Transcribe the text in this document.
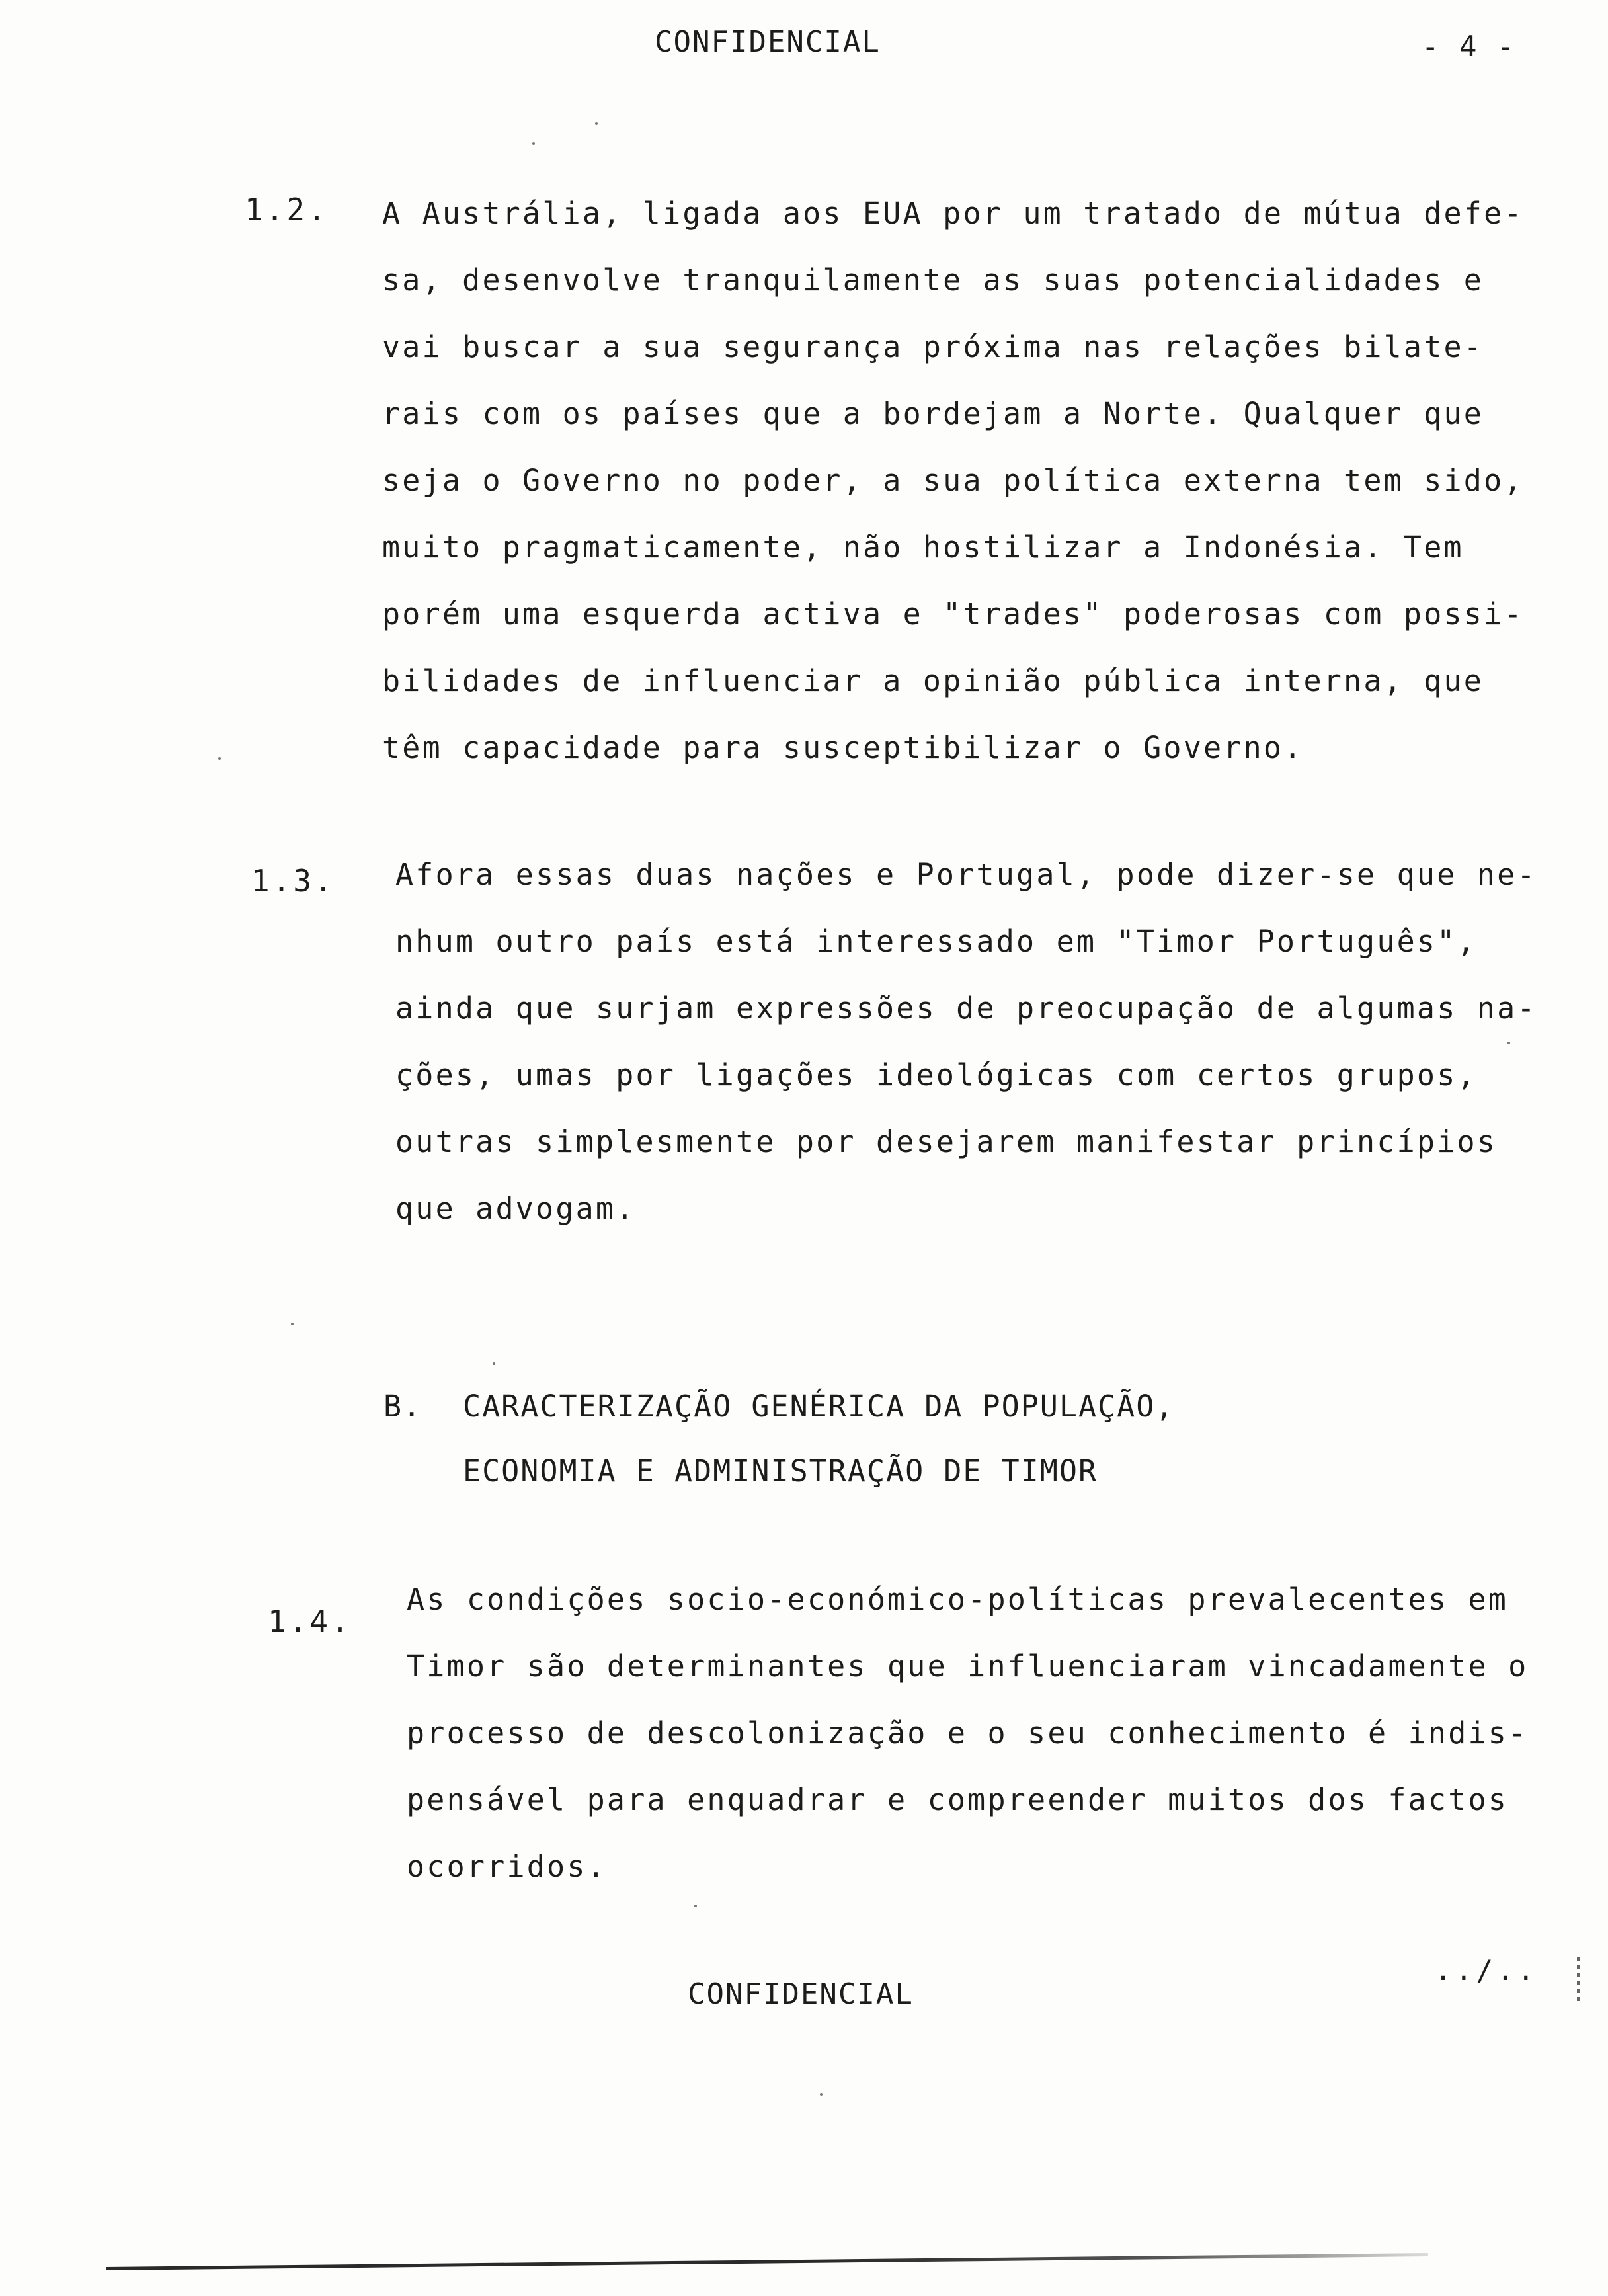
CONFIDENCIAL	- 4 -
1.2. A Austrália, ligada aos EUA por um tratado de mútua defe-
sa, desenvolve tranquilamente as suas potencialidades e
vai buscar a sua segurança próxima nas relações bilate-
rais com os países que a bordejam a Norte. Qualquer que
seja o Governo no poder, a sua política externa tem sido,
muito pragmaticamente, não hostilizar a Indonésia. Tem
porém uma esquerda activa e "trades" poderosas com possi-
bilidades de influenciar a opinião pública interna, que
têm capacidade para susceptibilizar o Governo.
1.3. Afora essas duas nações e Portugal, pode dizer-se que ne-
nhum outro país está interessado em "Timor Português",
ainda que surjam expressões de preocupação de algumas na-
ções, umas por ligações ideológicas com certos grupos,
outras simplesmente por desejarem manifestar princípios
que advogam.
B. CARACTERIZAÇÃO GENÉRICA DA POPULAÇÃO,
ECONOMIA E ADMINISTRAÇÃO DE TIMOR
1.4.
As condições socio-económico-políticas prevalecentes em
Timor são determinantes que influenciaram vincadamente o
processo de descolonização e o seu conhecimento é indis-
pensável para enquadrar e compreender muitos dos factos
ocorridos.
../..
CONFIDENCIAL
